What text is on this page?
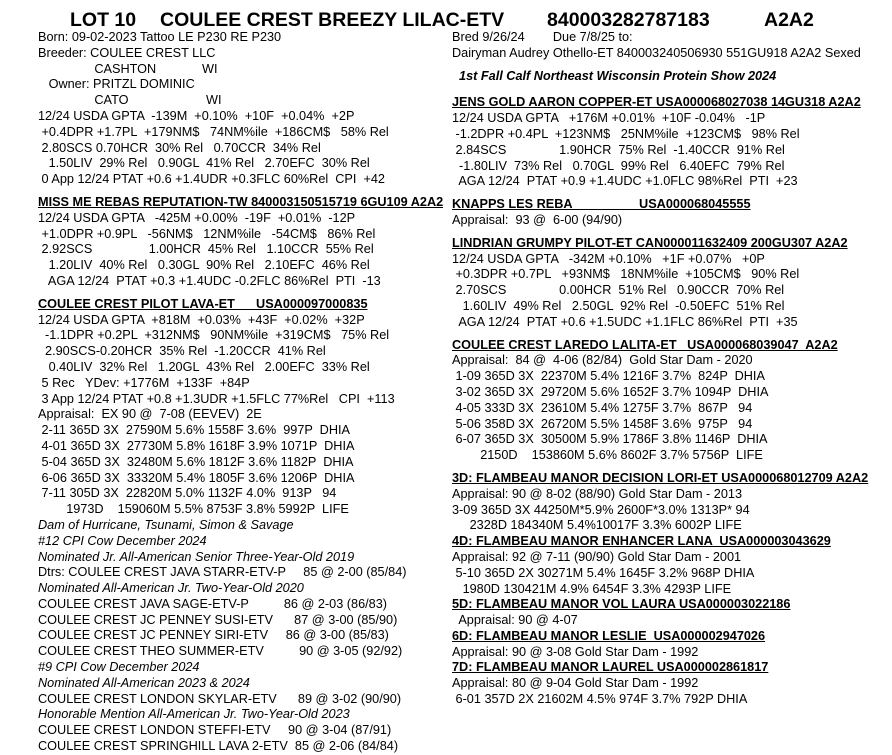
LOT 10 COULEE CREST BREEZY LILAC-ETV 840003282787183	A2A2
Born: 09-02-2023 Tattoo LE P230 RE P230
Breeder: COULEE CREST LLC
CASHTON             WI
Owner: PRITZL DOMINIC
CATO                      WI
12/24 USDA GPTA  -139M  +0.10%  +10F  +0.04%  +2P
+0.4DPR +1.7PL  +179NM$   74NM%ile  +186CM$   58% Rel
2.80SCS 0.70HCR  30% Rel   0.70CCR  34% Rel
1.50LIV  29% Rel   0.90GL  41% Rel   2.70EFC  30% Rel
0 App 12/24 PTAT +0.6 +1.4UDR +0.3FLC 60%Rel  CPI  +42
MISS ME REBAS REPUTATION-TW 840003150515719 6GU109 A2A2
12/24 USDA GPTA   -425M +0.00%  -19F  +0.01%  -12P
+1.0DPR +0.9PL   -56NM$   12NM%ile   -54CM$   86% Rel
2.92SCS                1.00HCR  45% Rel   1.10CCR  55% Rel
1.20LIV  40% Rel   0.30GL  90% Rel   2.10EFC  46% Rel
AGA 12/24  PTAT +0.3 +1.4UDC -0.2FLC 86%Rel  PTI  -13
COULEE CREST PILOT LAVA-ET      USA000097000835
12/24 USDA GPTA  +818M  +0.03%  +43F  +0.02%  +32P
-1.1DPR +0.2PL  +312NM$   90NM%ile  +319CM$   75% Rel
2.90SCS-0.20HCR  35% Rel  -1.20CCR  41% Rel
0.40LIV  32% Rel   1.20GL  43% Rel   2.00EFC  33% Rel
5 Rec   YDev: +1776M  +133F  +84P
3 App 12/24 PTAT +0.8 +1.3UDR +1.5FLC 77%Rel   CPI  +113
Appraisal:  EX 90 @  7-08 (EEVEV)  2E
2-11 365D 3X  27590M 5.6% 1558F 3.6%  997P  DHIA
4-01 365D 3X  27730M 5.8% 1618F 3.9% 1071P  DHIA
5-04 365D 3X  32480M 5.6% 1812F 3.6% 1182P  DHIA
6-06 365D 3X  33320M 5.4% 1805F 3.6% 1206P  DHIA
7-11 305D 3X  22820M 5.0% 1132F 4.0%  913P   94
1973D    159060M 5.5% 8753F 3.8% 5992P  LIFE
Dam of Hurricane, Tsunami, Simon & Savage
#12 CPI Cow December 2024
Nominated Jr. All-American Senior Three-Year-Old 2019
Dtrs: COULEE CREST JAVA STARR-ETV-P     85 @ 2-00 (85/84)
Nominated All-American Jr. Two-Year-Old 2020
COULEE CREST JAVA SAGE-ETV-P          86 @ 2-03 (86/83)
COULEE CREST JC PENNEY SUSI-ETV      87 @ 3-00 (85/90)
COULEE CREST JC PENNEY SIRI-ETV     86 @ 3-00 (85/83)
COULEE CREST THEO SUMMER-ETV          90 @ 3-05 (92/92)
#9 CPI Cow December 2024
Nominated All-American 2023 & 2024
COULEE CREST LONDON SKYLAR-ETV      89 @ 3-02 (90/90)
Honorable Mention All-American Jr. Two-Year-Old 2023
COULEE CREST LONDON STEFFI-ETV     90 @ 3-04 (87/91)
COULEE CREST SPRINGHILL LAVA 2-ETV  85 @ 2-06 (84/84)
Bred 9/26/24        Due 7/8/25 to:
Dairyman Audrey Othello-ET 840003240506930 551GU918 A2A2 Sexed
1st Fall Calf Northeast Wisconsin Protein Show 2024
JENS GOLD AARON COPPER-ET USA000068027038 14GU318 A2A2
12/24 USDA GPTA   +176M +0.01%  +10F -0.04%   -1P
-1.2DPR +0.4PL  +123NM$   25NM%ile  +123CM$   98% Rel
2.84SCS               1.90HCR  75% Rel  -1.40CCR  91% Rel
-1.80LIV  73% Rel   0.70GL  99% Rel   6.40EFC  79% Rel
AGA 12/24  PTAT +0.9 +1.4UDC +1.0FLC 98%Rel  PTI  +23
KNAPPS LES REBA                   USA000068045555
Appraisal:  93 @  6-00 (94/90)
LINDRIAN GRUMPY PILOT-ET CAN000011632409 200GU307 A2A2
12/24 USDA GPTA   -342M +0.10%   +1F +0.07%   +0P
+0.3DPR +0.7PL   +93NM$   18NM%ile  +105CM$   90% Rel
2.70SCS               0.00HCR  51% Rel   0.90CCR  70% Rel
1.60LIV  49% Rel   2.50GL  92% Rel  -0.50EFC  51% Rel
AGA 12/24  PTAT +0.6 +1.5UDC +1.1FLC 86%Rel  PTI  +35
COULEE CREST LAREDO LALITA-ET   USA000068039047  A2A2
Appraisal:  84 @  4-06 (82/84)  Gold Star Dam - 2020
1-09 365D 3X  22370M 5.4% 1216F 3.7%  824P  DHIA
3-02 365D 3X  29720M 5.6% 1652F 3.7% 1094P  DHIA
4-05 333D 3X  23610M 5.4% 1275F 3.7%  867P   94
5-06 358D 3X  26720M 5.5% 1458F 3.6%  975P   94
6-07 365D 3X  30500M 5.9% 1786F 3.8% 1146P  DHIA
2150D    153860M 5.6% 8602F 3.7% 5756P  LIFE
3D: FLAMBEAU MANOR DECISION LORI-ET USA000068012709 A2A2
Appraisal: 90 @ 8-02 (88/90) Gold Star Dam - 2013
3-09 365D 3X 44250M*5.9% 2600F*3.0% 1313P* 94
2328D 184340M 5.4%10017F 3.3% 6002P LIFE
4D: FLAMBEAU MANOR ENHANCER LANA  USA000003043629
Appraisal: 92 @ 7-11 (90/90) Gold Star Dam - 2001
5-10 365D 2X 30271M 5.4% 1645F 3.2% 968P DHIA
1980D 130421M 4.9% 6454F 3.3% 4293P LIFE
5D: FLAMBEAU MANOR VOL LAURA USA000003022186
Appraisal: 90 @ 4-07
6D: FLAMBEAU MANOR LESLIE  USA000002947026
Appraisal: 90 @ 3-08 Gold Star Dam - 1992
7D: FLAMBEAU MANOR LAUREL USA000002861817
Appraisal: 80 @ 9-04 Gold Star Dam - 1992
6-01 357D 2X 21602M 4.5% 974F 3.7% 792P DHIA
